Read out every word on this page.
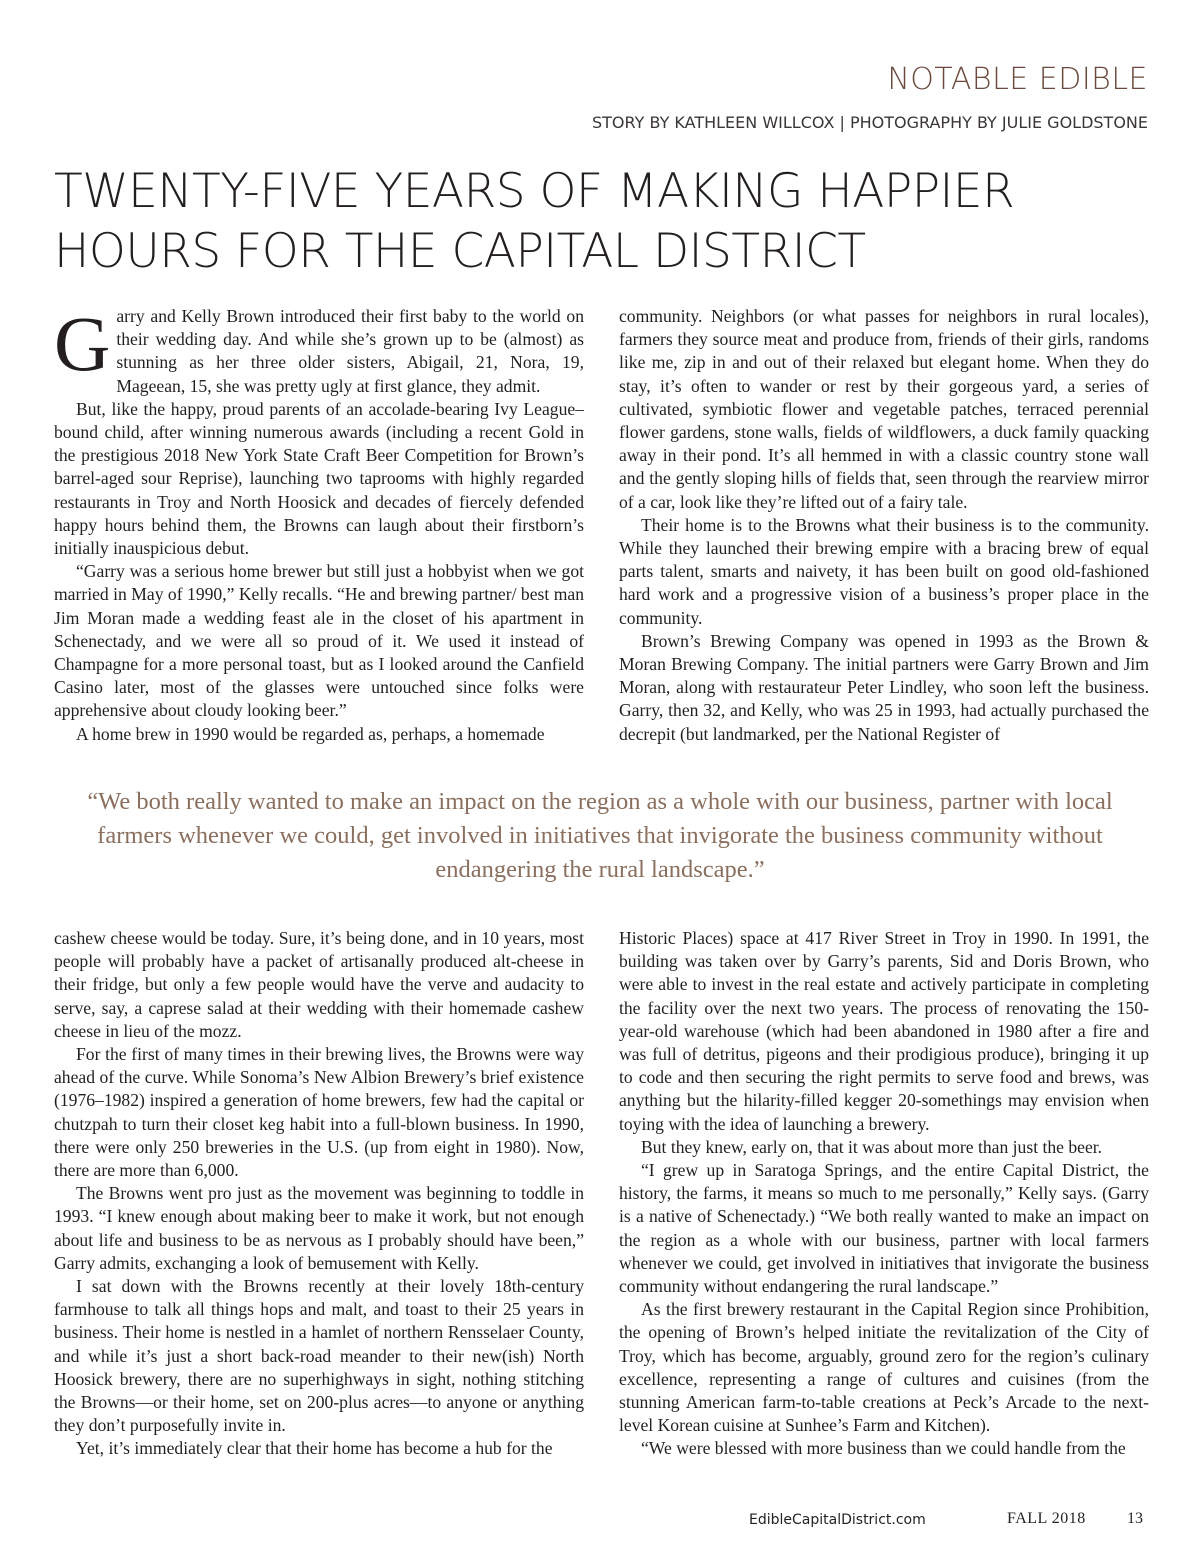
NOTABLE EDIBLE
STORY BY KATHLEEN WILLCOX | PHOTOGRAPHY BY JULIE GOLDSTONE
TWENTY-FIVE YEARS OF MAKING HAPPIER
HOURS FOR THE CAPITAL DISTRICT

Garry and Kelly Brown introduced their first baby to the world on their wedding day. And while she’s grown up to be (almost) as stunning as her three older sisters, Abigail, 21, Nora, 19, Mageean, 15, she was pretty ugly at first glance, they admit.

But, like the happy, proud parents of an accolade-bearing Ivy League–bound child, after winning numerous awards (including a recent Gold in the prestigious 2018 New York State Craft Beer Competition for Brown’s barrel-aged sour Reprise), launching two taprooms with highly regarded restaurants in Troy and North Hoosick and decades of fiercely defended happy hours behind them, the Browns can laugh about their firstborn’s initially inauspicious debut.

“Garry was a serious home brewer but still just a hobbyist when we got married in May of 1990,” Kelly recalls. “He and brewing partner/ best man Jim Moran made a wedding feast ale in the closet of his apartment in Schenectady, and we were all so proud of it. We used it instead of Champagne for a more personal toast, but as I looked around the Canfield Casino later, most of the glasses were untouched since folks were apprehensive about cloudy looking beer.”

A home brew in 1990 would be regarded as, perhaps, a homemade

community. Neighbors (or what passes for neighbors in rural locales), farmers they source meat and produce from, friends of their girls, randoms like me, zip in and out of their relaxed but elegant home. When they do stay, it’s often to wander or rest by their gorgeous yard, a series of cultivated, symbiotic flower and vegetable patches, terraced perennial flower gardens, stone walls, fields of wildflowers, a duck family quacking away in their pond. It’s all hemmed in with a classic country stone wall and the gently sloping hills of fields that, seen through the rearview mirror of a car, look like they’re lifted out of a fairy tale.

Their home is to the Browns what their business is to the community. While they launched their brewing empire with a bracing brew of equal parts talent, smarts and naivety, it has been built on good old-fashioned hard work and a progressive vision of a business’s proper place in the community.

Brown’s Brewing Company was opened in 1993 as the Brown & Moran Brewing Company. The initial partners were Garry Brown and Jim Moran, along with restaurateur Peter Lindley, who soon left the business. Garry, then 32, and Kelly, who was 25 in 1993, had actually purchased the decrepit (but landmarked, per the National Register of

“We both really wanted to make an impact on the region as a whole with our business, partner with local farmers whenever we could, get involved in initiatives that invigorate the business community without endangering the rural landscape.”

cashew cheese would be today. Sure, it’s being done, and in 10 years, most people will probably have a packet of artisanally produced alt-cheese in their fridge, but only a few people would have the verve and audacity to serve, say, a caprese salad at their wedding with their homemade cashew cheese in lieu of the mozz.

For the first of many times in their brewing lives, the Browns were way ahead of the curve. While Sonoma’s New Albion Brewery’s brief existence (1976–1982) inspired a generation of home brewers, few had the capital or chutzpah to turn their closet keg habit into a full-blown business. In 1990, there were only 250 breweries in the U.S. (up from eight in 1980). Now, there are more than 6,000.

The Browns went pro just as the movement was beginning to toddle in 1993. “I knew enough about making beer to make it work, but not enough about life and business to be as nervous as I probably should have been,” Garry admits, exchanging a look of bemusement with Kelly.

I sat down with the Browns recently at their lovely 18th-century farmhouse to talk all things hops and malt, and toast to their 25 years in business. Their home is nestled in a hamlet of northern Rensselaer County, and while it’s just a short back-road meander to their new(ish) North Hoosick brewery, there are no superhighways in sight, nothing stitching the Browns—or their home, set on 200-plus acres—to anyone or anything they don’t purposefully invite in.

Yet, it’s immediately clear that their home has become a hub for the

Historic Places) space at 417 River Street in Troy in 1990. In 1991, the building was taken over by Garry’s parents, Sid and Doris Brown, who were able to invest in the real estate and actively participate in completing the facility over the next two years. The process of renovating the 150-year-old warehouse (which had been abandoned in 1980 after a fire and was full of detritus, pigeons and their prodigious produce), bringing it up to code and then securing the right permits to serve food and brews, was anything but the hilarity-filled kegger 20-somethings may envision when toying with the idea of launching a brewery.

But they knew, early on, that it was about more than just the beer.

“I grew up in Saratoga Springs, and the entire Capital District, the history, the farms, it means so much to me personally,” Kelly says. (Garry is a native of Schenectady.) “We both really wanted to make an impact on the region as a whole with our business, partner with local farmers whenever we could, get involved in initiatives that invigorate the business community without endangering the rural landscape.”

As the first brewery restaurant in the Capital Region since Prohibition, the opening of Brown’s helped initiate the revitalization of the City of Troy, which has become, arguably, ground zero for the region’s culinary excellence, representing a range of cultures and cuisines (from the stunning American farm-to-table creations at Peck’s Arcade to the next-level Korean cuisine at Sunhee’s Farm and Kitchen).

“We were blessed with more business than we could handle from the

EdibleCapitalDistrict.com	FALL 2018	13
